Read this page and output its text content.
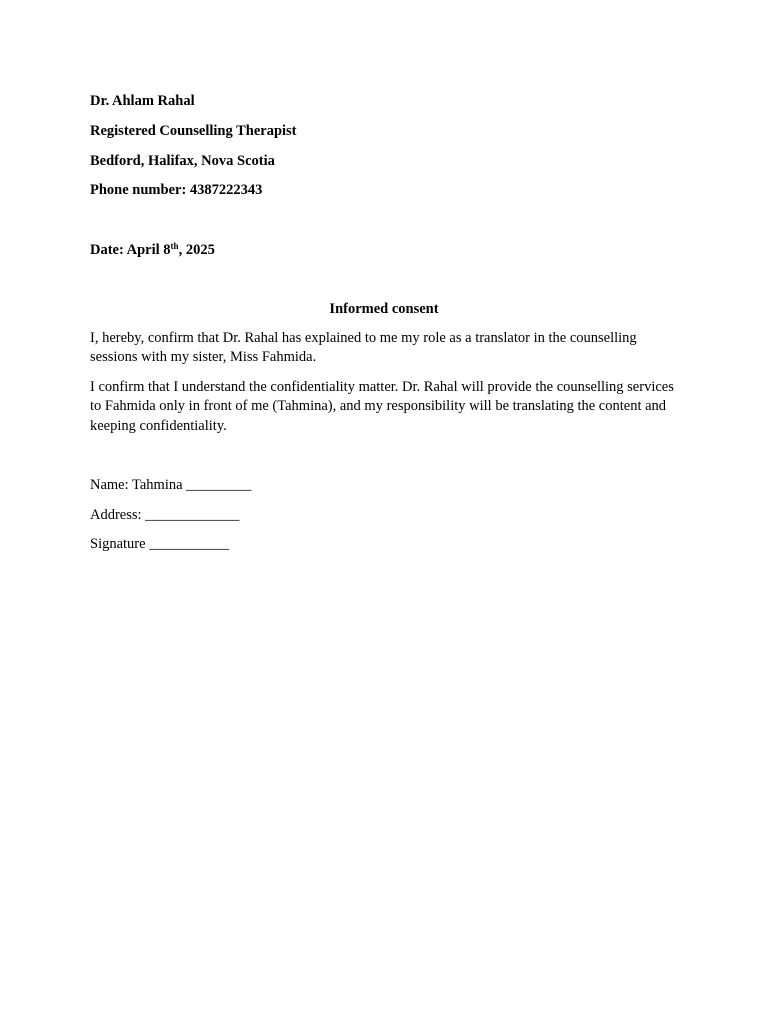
Dr. Ahlam Rahal
Registered Counselling Therapist
Bedford, Halifax, Nova Scotia
Phone number: 4387222343
Date: April 8th, 2025
Informed consent
I, hereby, confirm that Dr. Rahal has explained to me my role as a translator in the counselling sessions with my sister, Miss Fahmida.
I confirm that I understand the confidentiality matter. Dr. Rahal will provide the counselling services to Fahmida only in front of me (Tahmina), and my responsibility will be translating the content and keeping confidentiality.
Name: Tahmina _________
Address: _____________
Signature ___________
